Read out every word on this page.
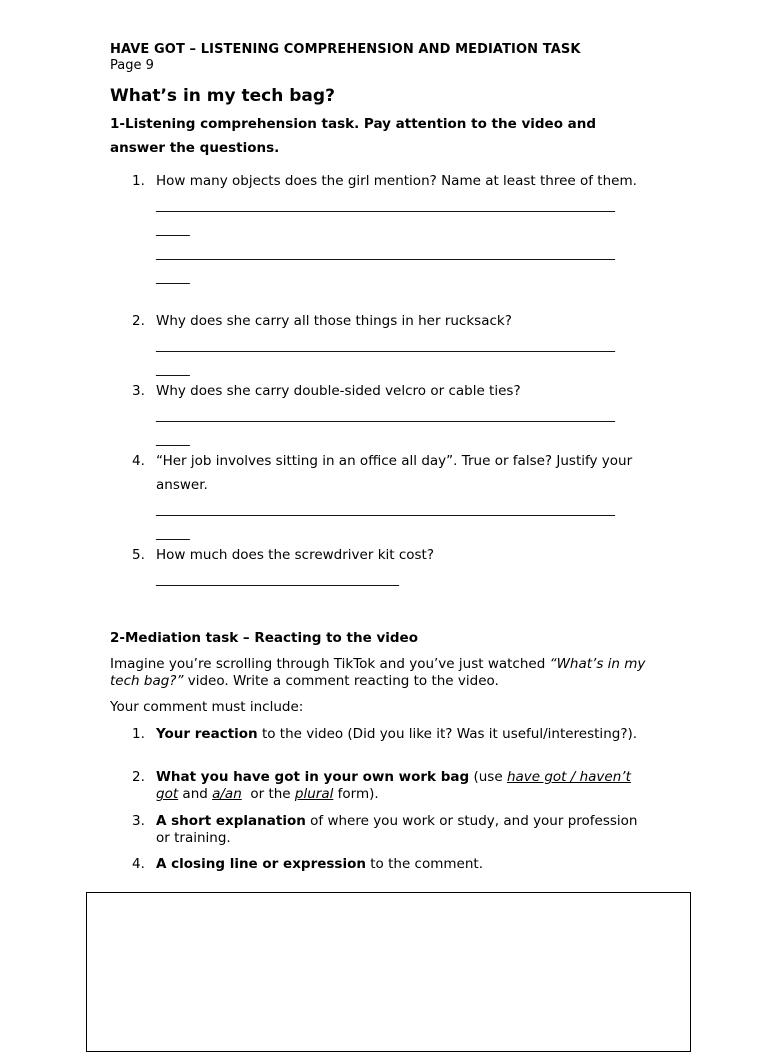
HAVE GOT – LISTENING COMPREHENSION AND MEDIATION TASK
Page 9
What’s in my tech bag?
1-Listening comprehension task. Pay attention to the video and answer the questions.
1. How many objects does the girl mention? Name at least three of them.
____________________________________________________________________
_____
____________________________________________________________________
_____
2. Why does she carry all those things in her rucksack?
____________________________________________________________________
_____
3. Why does she carry double-sided velcro or cable ties?
____________________________________________________________________
_____
4. “Her job involves sitting in an office all day”. True or false? Justify your answer.
____________________________________________________________________
_____
5. How much does the screwdriver kit cost?
____________________________________
2-Mediation task – Reacting to the video
Imagine you’re scrolling through TikTok and you’ve just watched “What’s in my tech bag?” video. Write a comment reacting to the video.
Your comment must include:
1. Your reaction to the video (Did you like it? Was it useful/interesting?).
2. What you have got in your own work bag (use have got / haven’t got and a/an  or the plural form).
3. A short explanation of where you work or study, and your profession or training.
4. A closing line or expression to the comment.
